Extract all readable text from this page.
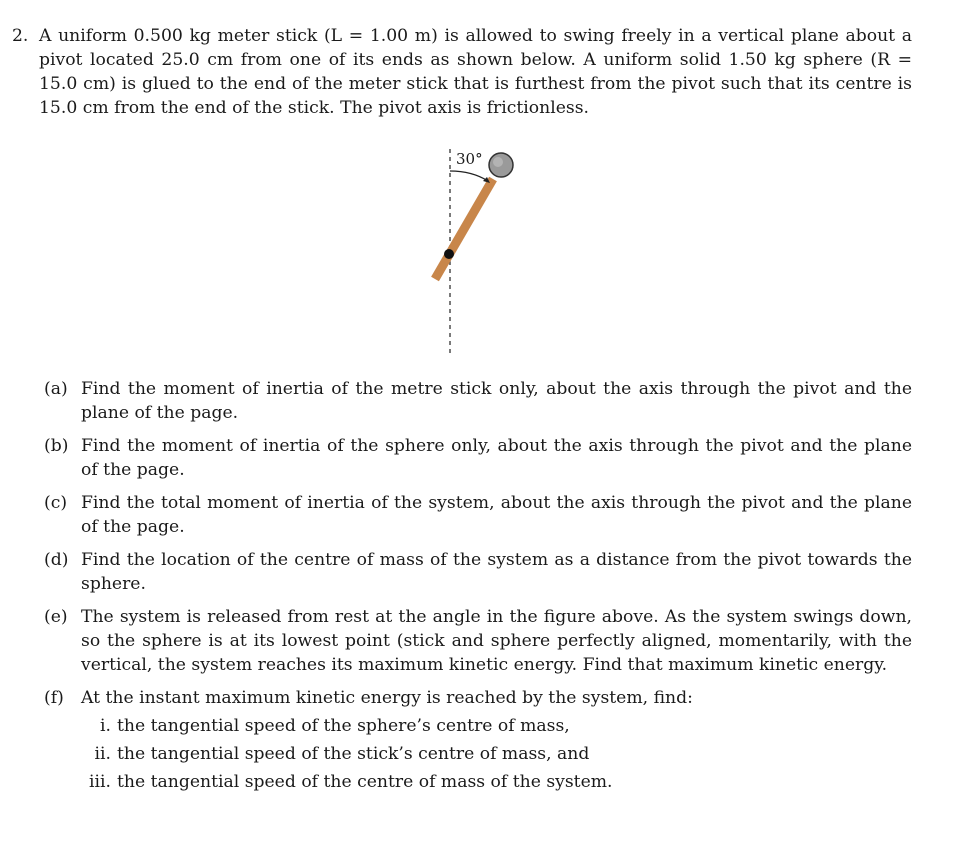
2. A uniform 0.500 kg meter stick (L = 1.00 m) is allowed to swing freely in a vertical plane about a pivot located 25.0 cm from one of its ends as shown below. A uniform solid 1.50 kg sphere (R = 15.0 cm) is glued to the end of the meter stick that is furthest from the pivot such that its centre is 15.0 cm from the end of the stick. The pivot axis is frictionless.
30°
(a) Find the moment of inertia of the metre stick only, about the axis through the pivot and the plane of the page.
(b) Find the moment of inertia of the sphere only, about the axis through the pivot and the plane of the page.
(c) Find the total moment of inertia of the system, about the axis through the pivot and the plane of the page.
(d) Find the location of the centre of mass of the system as a distance from the pivot towards the sphere.
(e) The system is released from rest at the angle in the figure above. As the system swings down, so the sphere is at its lowest point (stick and sphere perfectly aligned, momentarily, with the vertical, the system reaches its maximum kinetic energy. Find that maximum kinetic energy.
(f) At the instant maximum kinetic energy is reached by the system, find:
i. the tangential speed of the sphere’s centre of mass,
ii. the tangential speed of the stick’s centre of mass, and
iii. the tangential speed of the centre of mass of the system.
